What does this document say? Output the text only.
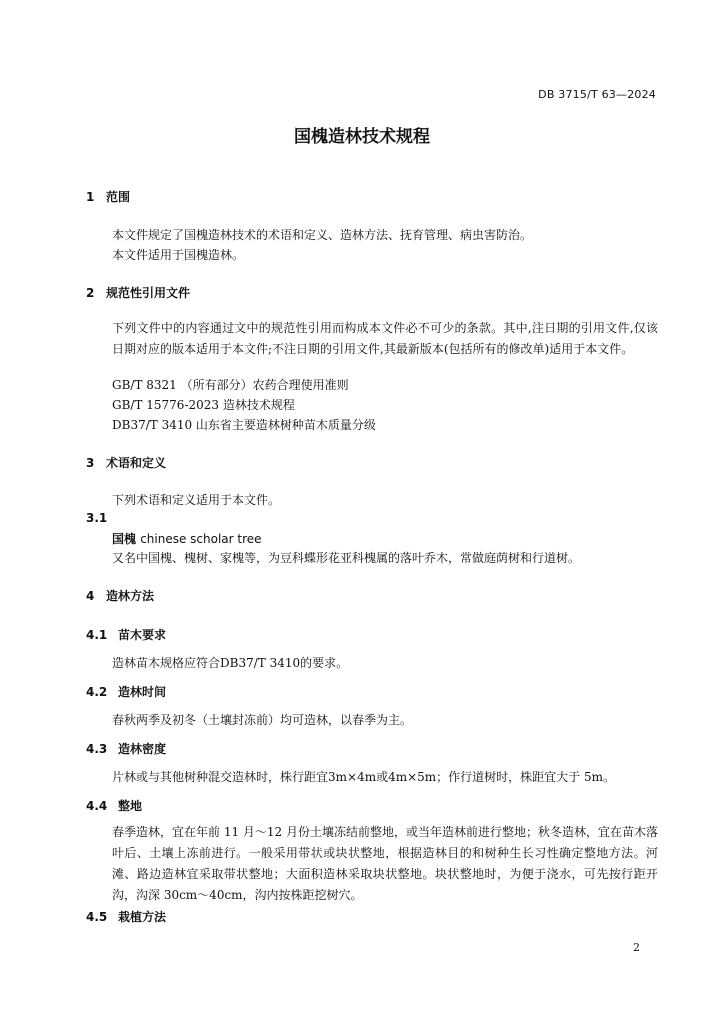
DB 3715/T 63—2024
国槐造林技术规程
1 范围
本文件规定了国槐造林技术的术语和定义、造林方法、抚育管理、病虫害防治。
本文件适用于国槐造林。
2 规范性引用文件
下列文件中的内容通过文中的规范性引用而构成本文件必不可少的条款。其中,注日期的引用文件,仅该日期对应的版本适用于本文件;不注日期的引用文件,其最新版本(包括所有的修改单)适用于本文件。
GB/T 8321 （所有部分）农药合理使用准则
GB/T 15776-2023 造林技术规程
DB37/T 3410 山东省主要造林树种苗木质量分级
3 术语和定义
下列术语和定义适用于本文件。
3.1
国槐 chinese scholar tree
又名中国槐、槐树、家槐等，为豆科蝶形花亚科槐属的落叶乔木，常做庭荫树和行道树。
4 造林方法
4.1 苗木要求
造林苗木规格应符合DB37/T 3410的要求。
4.2 造林时间
春秋两季及初冬（土壤封冻前）均可造林，以春季为主。
4.3 造林密度
片林或与其他树种混交造林时，株行距宜3m×4m或4m×5m；作行道树时，株距宜大于 5m。
4.4 整地
春季造林，宜在年前 11 月～12 月份土壤冻结前整地，或当年造林前进行整地；秋冬造林，宜在苗木落叶后、土壤上冻前进行。一般采用带状或块状整地，根据造林目的和树种生长习性确定整地方法。河滩、路边造林宜采取带状整地；大面积造林采取块状整地。块状整地时，为便于浇水，可先按行距开沟，沟深 30cm～40cm，沟内按株距挖树穴。
4.5 栽植方法
2
